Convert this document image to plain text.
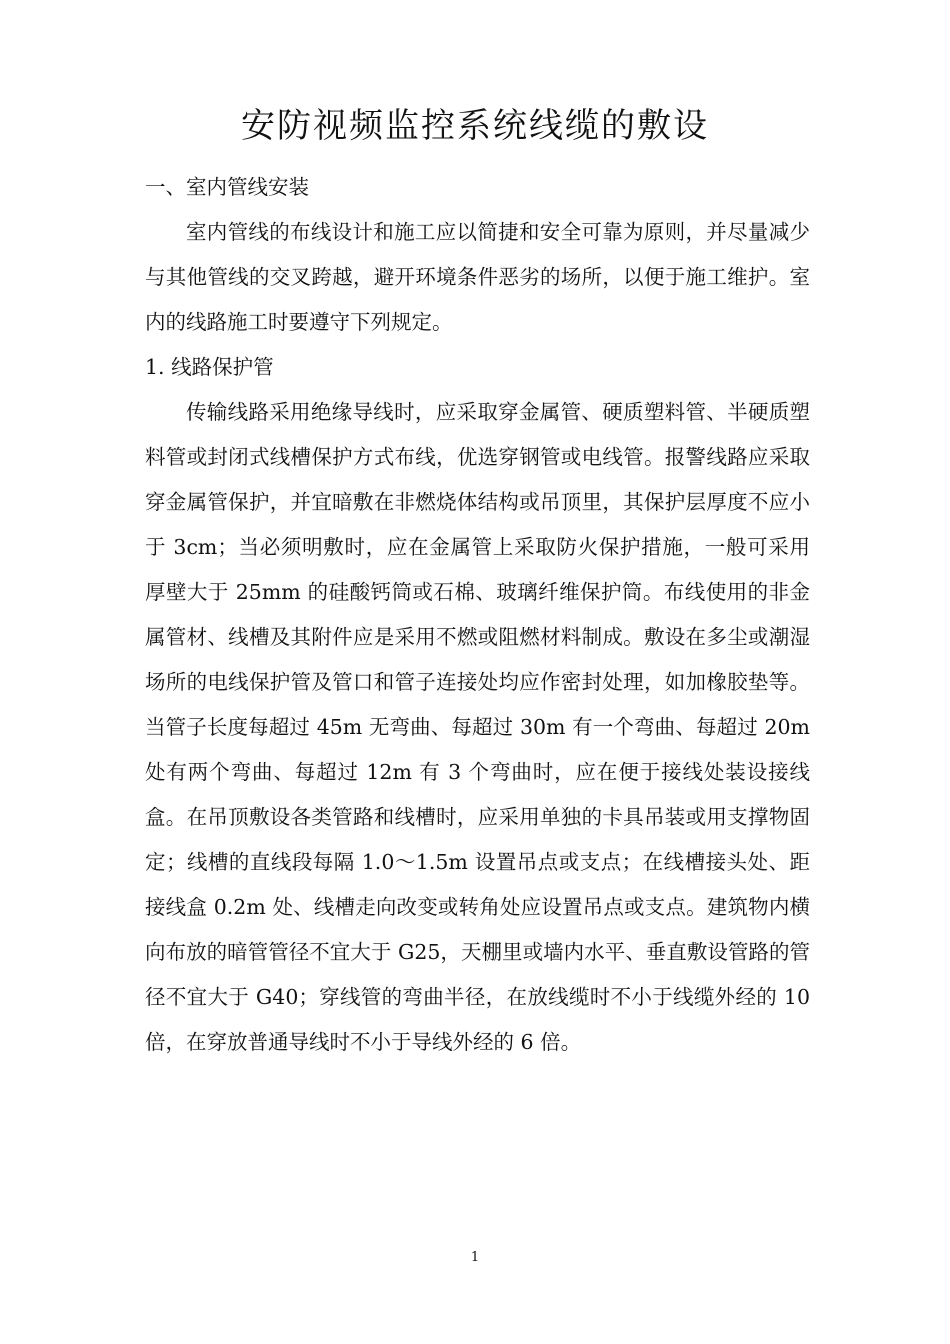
安防视频监控系统线缆的敷设

一、室内管线安装

室内管线的布线设计和施工应以简捷和安全可靠为原则，并尽量减少与其他管线的交叉跨越，避开环境条件恶劣的场所，以便于施工维护。室内的线路施工时要遵守下列规定。

1. 线路保护管

传输线路采用绝缘导线时，应采取穿金属管、硬质塑料管、半硬质塑料管或封闭式线槽保护方式布线，优选穿钢管或电线管。报警线路应采取穿金属管保护，并宜暗敷在非燃烧体结构或吊顶里，其保护层厚度不应小于 3cm；当必须明敷时，应在金属管上采取防火保护措施，一般可采用厚壁大于 25mm 的硅酸钙筒或石棉、玻璃纤维保护筒。布线使用的非金属管材、线槽及其附件应是采用不燃或阻燃材料制成。敷设在多尘或潮湿场所的电线保护管及管口和管子连接处均应作密封处理，如加橡胶垫等。当管子长度每超过 45m 无弯曲、每超过 30m 有一个弯曲、每超过 20m 处有两个弯曲、每超过 12m 有 3 个弯曲时，应在便于接线处装设接线盒。在吊顶敷设各类管路和线槽时，应采用单独的卡具吊装或用支撑物固定；线槽的直线段每隔 1.0～1.5m 设置吊点或支点；在线槽接头处、距接线盒 0.2m 处、线槽走向改变或转角处应设置吊点或支点。建筑物内横向布放的暗管管径不宜大于 G25，天棚里或墙内水平、垂直敷设管路的管径不宜大于 G40；穿线管的弯曲半径，在放线缆时不小于线缆外经的 10 倍，在穿放普通导线时不小于导线外经的 6 倍。

1
